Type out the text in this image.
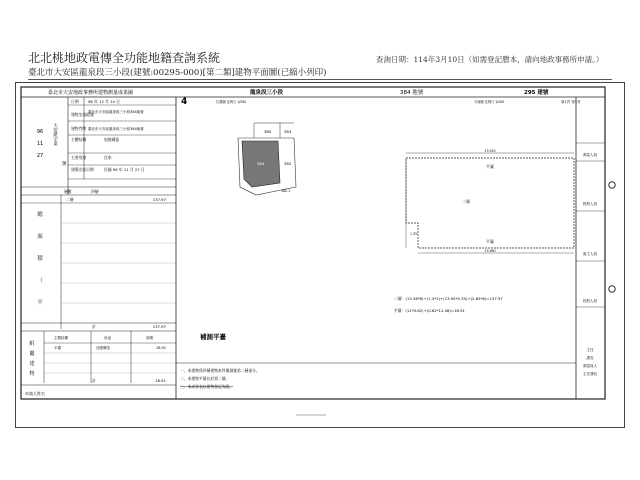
北北桃地政電傳全功能地籍查詢系統
臺北市大安區龍泉段三小段(建號:00295-000)[第二類]建物平面圖(已縮小列印)
查詢日期：114年3月10日（如需登記謄本，請向地政事務所申請。）
臺北市大安地政事務所建物測量成果圖	龍泉段三小段	384 地號	295 建號
第1頁 第1頁
日期 96 年 12 月 14 日
建物坐落地號
臺北市大安區龍泉段三小段384地號
建物門牌 臺北市大安區龍泉段三小段384地號
主體結構	加強磚造
主要用途	住家
建築完成日期	民國 96 年 11 月 27 日
96
11
27
大安建字第
號
層數	四層
二層	137.97
總
面
積
（
平
計	137.97
主體結構	用途	面積
平臺	加強磚造	18.91
附
屬
建
物
計	18.91
申請人姓名
4	位置圖 比例尺 1/500
385	383
384	382
382-1
平面圖 比例尺 1/200
13.910
平臺
二層
平臺
13.960
1.35
二層：(13.36*8)+(1.3*1)+(13.95*0.35)+(2.85*6)=137.97
平臺：(11*0.82)+(0.82*12.08)=18.91
補測平臺
一、本建物係四層建物本件僅測量第二層部分。
二、本建物平臺位於第二層。
三、本成果表以建物登記為限。
測量人員
核對人員
複丈人員
校對人員
主任
課長
測量員人
主任課長
